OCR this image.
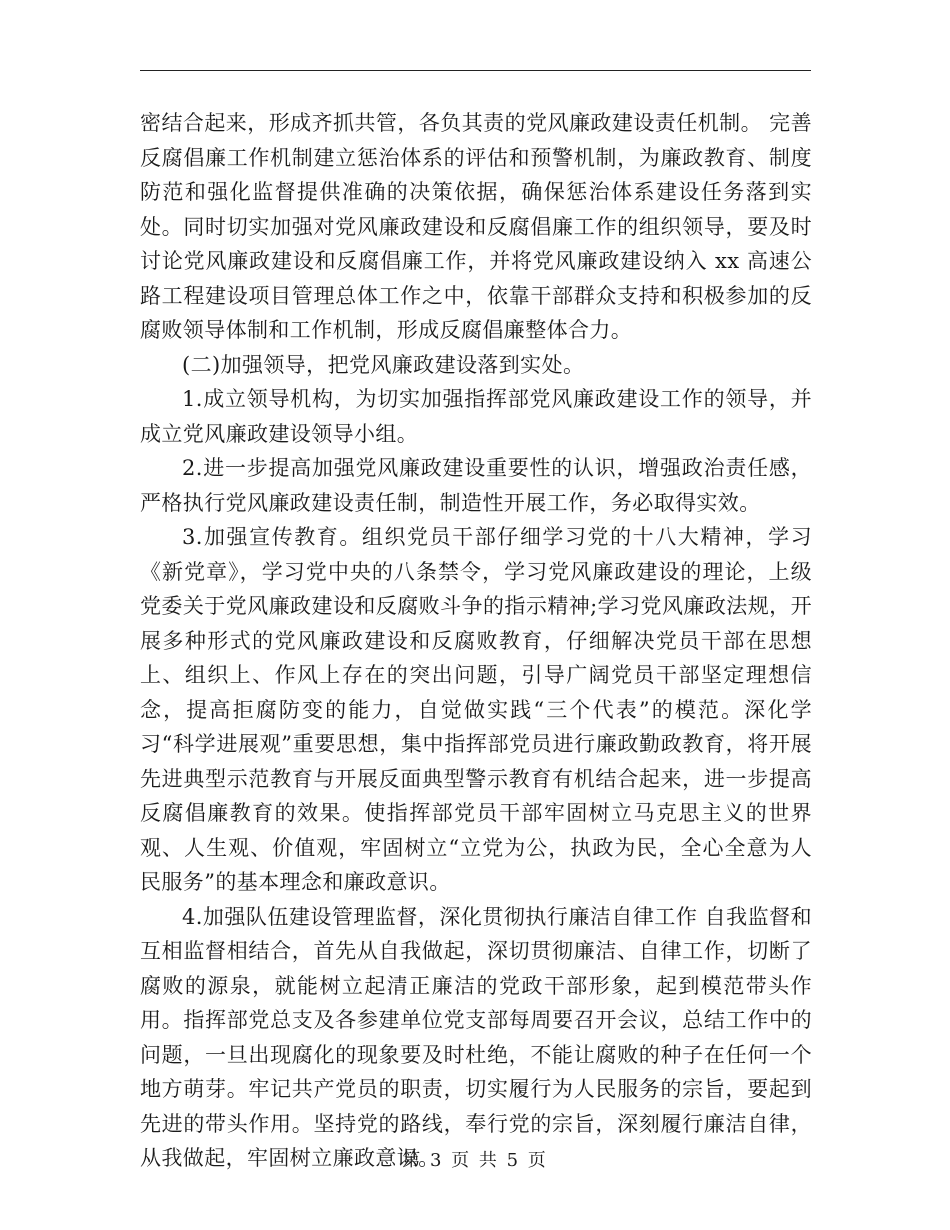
密结合起来，形成齐抓共管，各负其责的党风廉政建设责任机制。 完善反腐倡廉工作机制建立惩治体系的评估和预警机制，为廉政教育、制度防范和强化监督提供准确的决策依据，确保惩治体系建设任务落到实处。同时切实加强对党风廉政建设和反腐倡廉工作的组织领导，要及时讨论党风廉政建设和反腐倡廉工作，并将党风廉政建设纳入 xx 高速公路工程建设项目管理总体工作之中，依靠干部群众支持和积极参加的反腐败领导体制和工作机制，形成反腐倡廉整体合力。

(二)加强领导，把党风廉政建设落到实处。

1.成立领导机构，为切实加强指挥部党风廉政建设工作的领导，并成立党风廉政建设领导小组。

2.进一步提高加强党风廉政建设重要性的认识，增强政治责任感，严格执行党风廉政建设责任制，制造性开展工作，务必取得实效。

3.加强宣传教育。组织党员干部仔细学习党的十八大精神，学习《新党章》，学习党中央的八条禁令，学习党风廉政建设的理论，上级党委关于党风廉政建设和反腐败斗争的指示精神;学习党风廉政法规，开展多种形式的党风廉政建设和反腐败教育，仔细解决党员干部在思想上、组织上、作风上存在的突出问题，引导广阔党员干部坚定理想信念，提高拒腐防变的能力，自觉做实践“三个代表”的模范。深化学习“科学进展观”重要思想，集中指挥部党员进行廉政勤政教育，将开展先进典型示范教育与开展反面典型警示教育有机结合起来，进一步提高反腐倡廉教育的效果。使指挥部党员干部牢固树立马克思主义的世界观、人生观、价值观，牢固树立“立党为公，执政为民，全心全意为人民服务”的基本理念和廉政意识。

4.加强队伍建设管理监督，深化贯彻执行廉洁自律工作 自我监督和互相监督相结合，首先从自我做起，深切贯彻廉洁、自律工作，切断了腐败的源泉，就能树立起清正廉洁的党政干部形象，起到模范带头作用。指挥部党总支及各参建单位党支部每周要召开会议，总结工作中的问题，一旦出现腐化的现象要及时杜绝，不能让腐败的种子在任何一个地方萌芽。牢记共产党员的职责，切实履行为人民服务的宗旨，要起到先进的带头作用。坚持党的路线，奉行党的宗旨，深刻履行廉洁自律，从我做起，牢固树立廉政意识。

第 3 页 共 5 页
